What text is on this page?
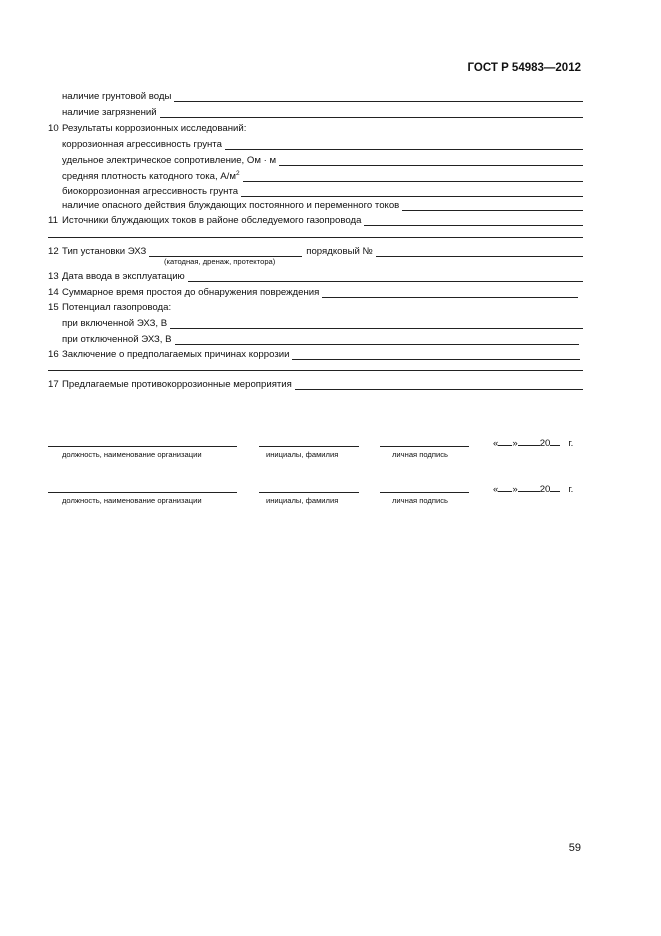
ГОСТ Р 54983—2012
наличие грунтовой воды
наличие загрязнений
10 Результаты коррозионных исследований:
коррозионная агрессивность грунта
удельное электрическое сопротивление, Ом · м
средняя плотность катодного тока, $А/м^2$
биокоррозионная агрессивность грунта
наличие опасного действия блуждающих постоянного и переменного токов
11 Источники блуждающих токов в районе обследуемого газопровода
12 Тип установки ЭХЗ	порядковый №
(катодная, дренаж, протектора)
13 Дата ввода в эксплуатацию
14 Суммарное время простоя до обнаружения повреждения
15 Потенциал газопровода:
при включенной ЭХЗ, В
при отключенной ЭХЗ, В
16 Заключение о предполагаемых причинах коррозии
17 Предлагаемые противокоррозионные мероприятия
« » 20 г.
должность, наименование организации	инициалы, фамилия	личная подпись
« » 20 г.
должность, наименование организации	инициалы, фамилия	личная подпись
59
